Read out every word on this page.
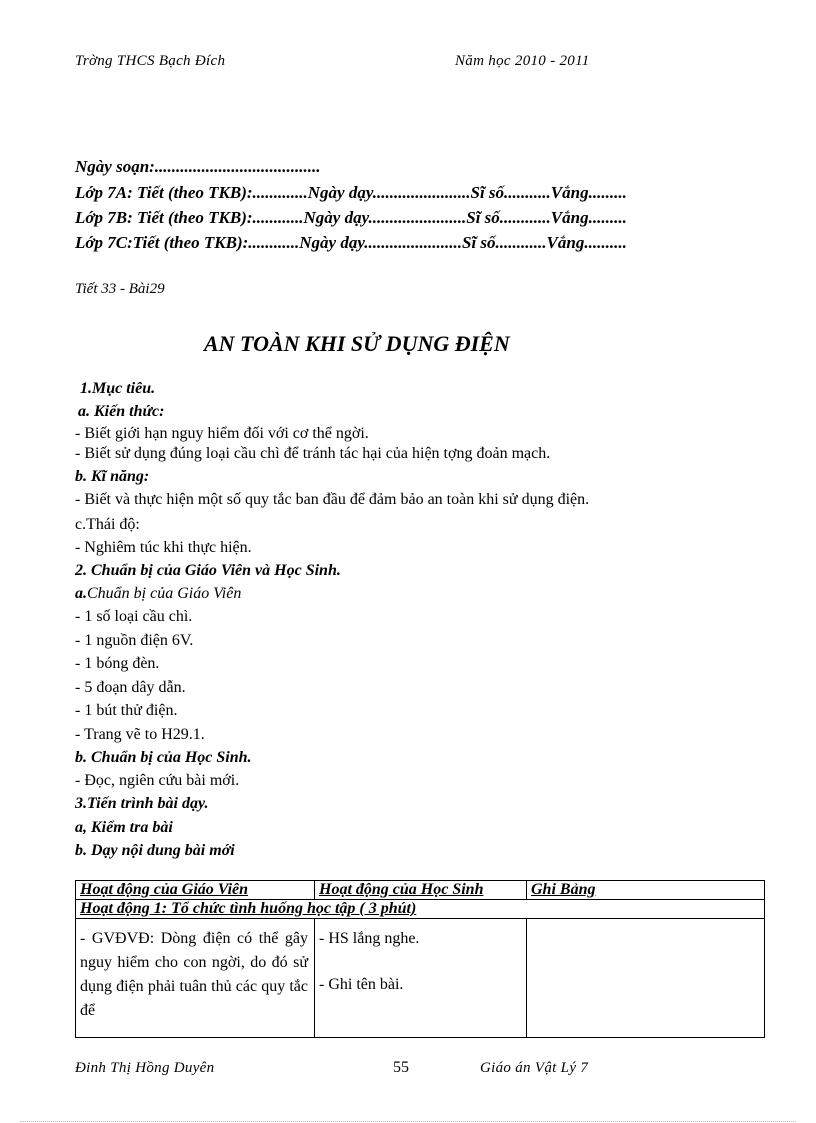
Trờng THCS Bạch Đích	Năm học 2010 - 2011
Ngày soạn:.......................................
Lớp 7A: Tiết (theo TKB):.............Ngày dạy.......................Sĩ số...........Vắng.........
Lớp 7B: Tiết (theo TKB):............Ngày dạy.......................Sĩ số............Vắng.........
Lớp 7C:Tiết (theo TKB):............Ngày dạy.......................Sĩ số............Vắng..........
Tiết 33 - Bài29
AN TOÀN KHI SỬ DỤNG ĐIỆN
1.Mục tiêu.
a. Kiến thức:
- Biết giới hạn nguy hiểm đối với cơ thể ngời.
- Biết sử dụng đúng loại cầu chì để tránh tác hại của hiện tợng đoản mạch.
b. Kĩ năng:
- Biết và thực hiện một số quy tắc ban đầu để đảm bảo an toàn khi sử dụng điện.
c.Thái độ:
- Nghiêm túc khi thực hiện.
2. Chuẩn bị của Giáo Viên và Học Sinh.
a.Chuẩn bị của Giáo Viên
- 1 số loại cầu chì.
- 1 nguồn điện 6V.
- 1 bóng đèn.
- 5 đoạn dây dẫn.
- 1 bút thử điện.
- Trang vẽ to H29.1.
b. Chuẩn bị của Học Sinh.
- Đọc, ngiên cứu bài mới.
3.Tiến trình bài dạy.
a, Kiểm tra bài
b. Dạy nội dung bài mới
Hoạt động của Giáo Viên	Hoạt động của Học Sinh	Ghi Bảng
Hoạt động 1: Tổ chức tình huống học tập ( 3 phút)		

- GVĐVĐ: Dòng điện có thể gây nguy hiểm cho con ngời, do đó sử dụng điện phải tuân thủ các quy tắc để	- HS lắng nghe.
- Ghi tên bài.	

Đinh Thị Hồng Duyên	55	Giáo án Vật Lý 7
